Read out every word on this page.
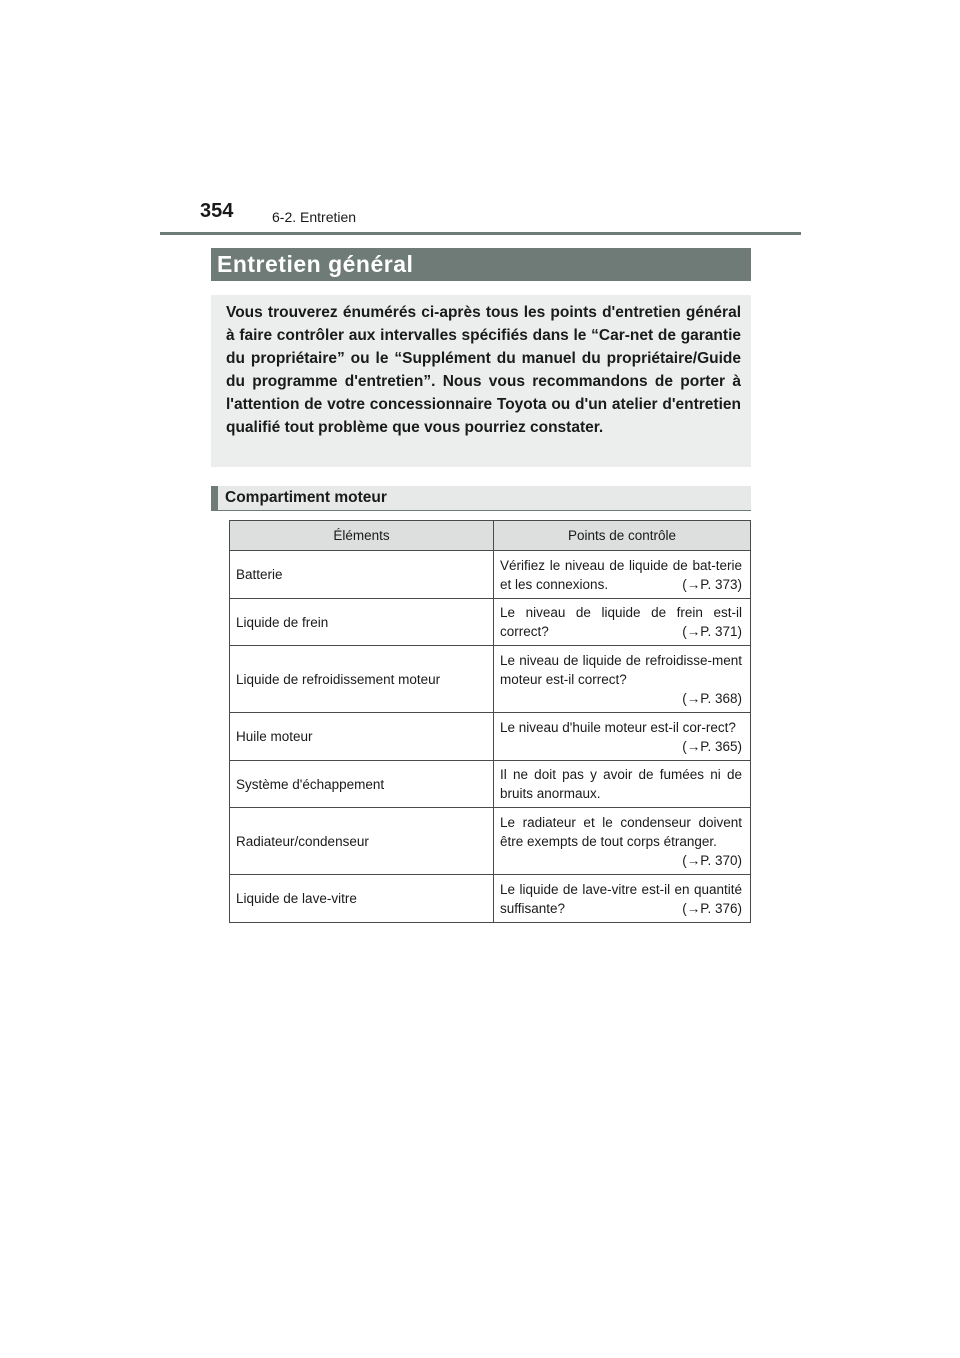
354	6-2. Entretien
Entretien général

Vous trouverez énumérés ci-après tous les points d'entretien général à faire contrôler aux intervalles spécifiés dans le “Car-net de garantie du propriétaire” ou le “Supplément du manuel du propriétaire/Guide du programme d'entretien”. Nous vous recommandons de porter à l'attention de votre concessionnaire Toyota ou d'un atelier d'entretien qualifié tout problème que vous pourriez constater.

Compartiment moteur
Éléments	Points de contrôle
Batterie	Vérifiez le niveau de liquide de bat-terie et les connexions. (→P. 373)

Liquide de frein	Le niveau de liquide de frein est-il correct? (→P. 371)

Liquide de refroidissement moteur	Le niveau de liquide de refroidisse-ment moteur est-il correct?
(→P. 368)

Huile moteur	Le niveau d'huile moteur est-il cor-rect?
(→P. 365)

Système d'échappement	Il ne doit pas y avoir de fumées ni de bruits anormaux.
Radiateur/condenseur	Le radiateur et le condenseur doivent être exempts de tout corps étranger.
(→P. 370)

Liquide de lave-vitre	Le liquide de lave-vitre est-il en quantité suffisante? (→P. 376)
